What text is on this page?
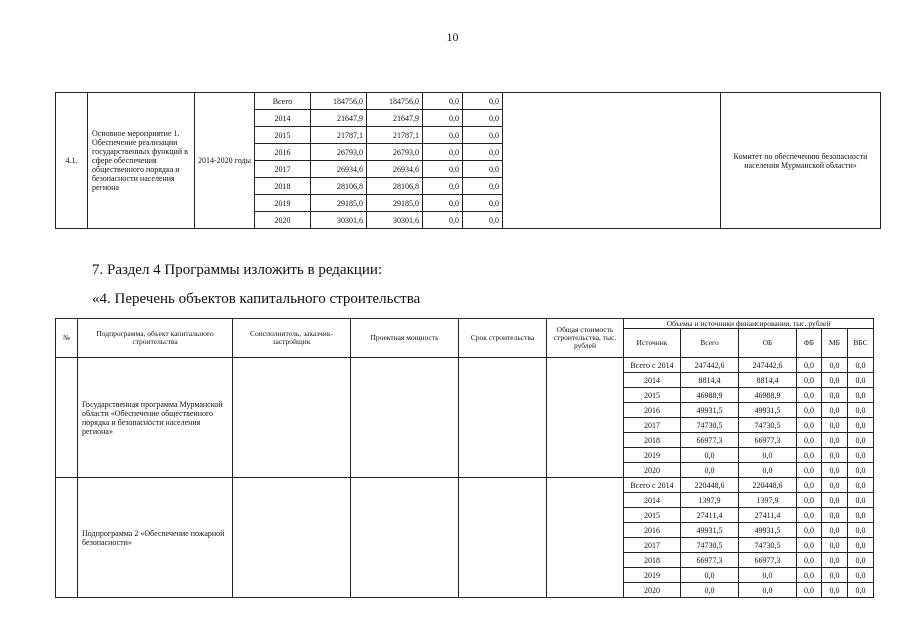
10
4.1.	Основное мероприятие 1. Обеспечение реализации государственных функций в сфере обеспечения общественного порядка и безопасности населения региона	2014-2020 годы	Всего	184756,0	184756,0	0,0	0,0		Комитет по обеспечению безопасности населения Мурманской области»
			2014	21647,9	21647,9	0,0	0,0		
			2015	21787,1	21787,1	0,0	0,0		
			2016	26793,0	26793,0	0,0	0,0		
			2017	26934,6	26934,6	0,0	0,0		
			2018	28106,8	28106,8	0,0	0,0		
			2019	29185,0	29185,0	0,0	0,0		
			2020	30301,6	30301,6	0,0	0,0		
7. Раздел 4 Программы изложить в редакции:
«4. Перечень объектов капитального строительства
№	Подпрограмма, объект капитального строительства	Соисполнитель, заказчик-застройщик	Проектная мощность	Срок строительства	Общая стоимость строительства, тыс. рублей	Объемы и источники финансирования, тыс. рублей					
						Источник	Всего	ОБ	ФБ	МБ	ВБС
	Государственная программа Мурманской области «Обеспечение общественного порядка и безопасности населения региона»					Всего с 2014	247442,6	247442,6	0,0	0,0	0,0
						2014	8814,4	8814,4	0,0	0,0	0,0
						2015	46988,9	46988,9	0,0	0,0	0,0
						2016	49931,5	49931,5	0,0	0,0	0,0
						2017	74730,5	74730,5	0,0	0,0	0,0
						2018	66977,3	66977,3	0,0	0,0	0,0
						2019	0,0	0,0	0,0	0,0	0,0
						2020	0,0	0,0	0,0	0,0	0,0
	Подпрограмма 2 «Обеспечение пожарной безопасности»					Всего с 2014	220448,6	220448,6	0,0	0,0	0,0
						2014	1397,9	1397,9	0,0	0,0	0,0
						2015	27411,4	27411,4	0,0	0,0	0,0
						2016	49931,5	49931,5	0,0	0,0	0,0
						2017	74730,5	74730,5	0,0	0,0	0,0
						2018	66977,3	66977,3	0,0	0,0	0,0
						2019	0,0	0,0	0,0	0,0	0,0
						2020	0,0	0,0	0,0	0,0	0,0
